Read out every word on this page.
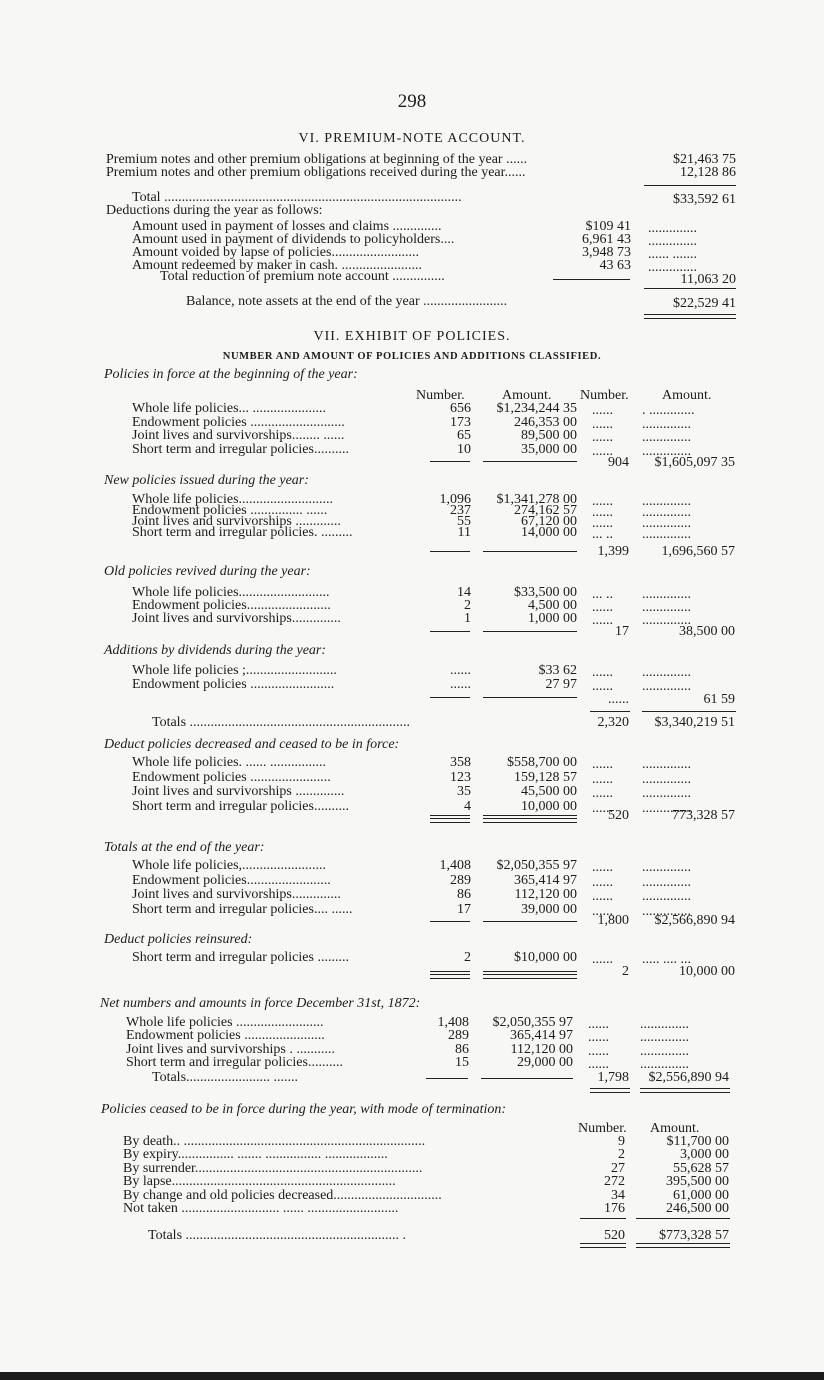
298
VI. PREMIUM-NOTE ACCOUNT.
Premium notes and other premium obligations at beginning of the year ......	$21,463 75
Premium notes and other premium obligations received during the year......	12,128 86
Total .....................................................................................	$33,592 61
Deductions during the year as follows:
Amount used in payment of losses and claims ..............	$109 41 ..............
Amount used in payment of dividends to policyholders....	6,961 43 ..............
Amount voided by lapse of policies.........................	3,948 73 ...... .......
Amount redeemed by maker in cash. .......................	43 63 ..............
Total reduction of premium note account ...............	11,063 20
Balance, note assets at the end of the year ........................	$22,529 41
VII. EXHIBIT OF POLICIES.
NUMBER AND AMOUNT OF POLICIES AND ADDITIONS CLASSIFIED.
Number.	Amount. Number. Amount.
Policies in force at the beginning of the year:
Whole life policies... .....................	656 $1,234,244 35 ...... . .............
Endowment policies ...........................	173	246,353 00 ...... ..............
Joint lives and survivorships........ ......	65	89,500 00 ...... ..............
Short term and irregular policies..........	10	35,000 00 ...... ..............
904 $1,605,097 35
New policies issued during the year:
Whole life policies...........................	1,096 $1,341,278 00 ...... ..............
Endowment policies ............... ......	237	274,162 57 ...... ..............
Joint lives and survivorships .............	55	67,120 00 ...... ..............
Short term and irregular policies. .........	11	14,000 00 ... .. ..............
1,399 1,696,560 57
Old policies revived during the year:
Whole life policies..........................	14	$33,500 00 ... .. ..............
Endowment policies........................	2	4,500 00 ...... ..............
Joint lives and survivorships..............	1	1,000 00 ...... ..............
17	38,500 00
Additions by dividends during the year:
Whole life policies ;..........................	......	$33 62 ...... ..............
Endowment policies ........................	......	27 97 ...... ..............
......	61 59
Totals ...............................................................	2,320 $3,340,219 51
Deduct policies decreased and ceased to be in force:
Whole life policies. ...... ................	358	$558,700 00 ...... ..............
Endowment policies .......................	123	159,128 57 ...... ..............
Joint lives and survivorships ..............	35	45,500 00 ...... ..............
Short term and irregular policies..........	4	10,000 00 ...... ..............
520	773,328 57
Totals at the end of the year:
Whole life policies,........................	1,408 $2,050,355 97 ...... ..............
Endowment policies........................	289	365,414 97 ...... ..............
Joint lives and survivorships..............	86	112,120 00 ...... ..............
Short term and irregular policies.... ......	17	39,000 00 ...... ..............
1,800 $2,566,890 94
Deduct policies reinsured:
Short term and irregular policies .........	2	$10,000 00 ...... ..... .... ...
2	10,000 00
Net numbers and amounts in force December 31st, 1872:
Whole life policies .........................	1,408 $2,050,355 97 ...... ..............
Endowment policies .......................	289	365,414 97 ...... ..............
Joint lives and survivorships . ...........	86	112,120 00 ...... ..............
Short term and irregular policies..........	15	29,000 00 ...... ..............
Totals........................ .......	1,798 $2,556,890 94
Policies ceased to be in force during the year, with mode of termination:
Number. Amount.
By death.. .....................................................................	9	$11,700 00
By expiry................ ....... ................ ..................	2	3,000 00
By surrender.................................................................	27	55,628 57
By lapse................................................................	272	395,500 00
By change and old policies decreased...............................	34	61,000 00
Not taken ............................ ...... ..........................	176	246,500 00
Totals ............................................................. .	520 $773,328 57
